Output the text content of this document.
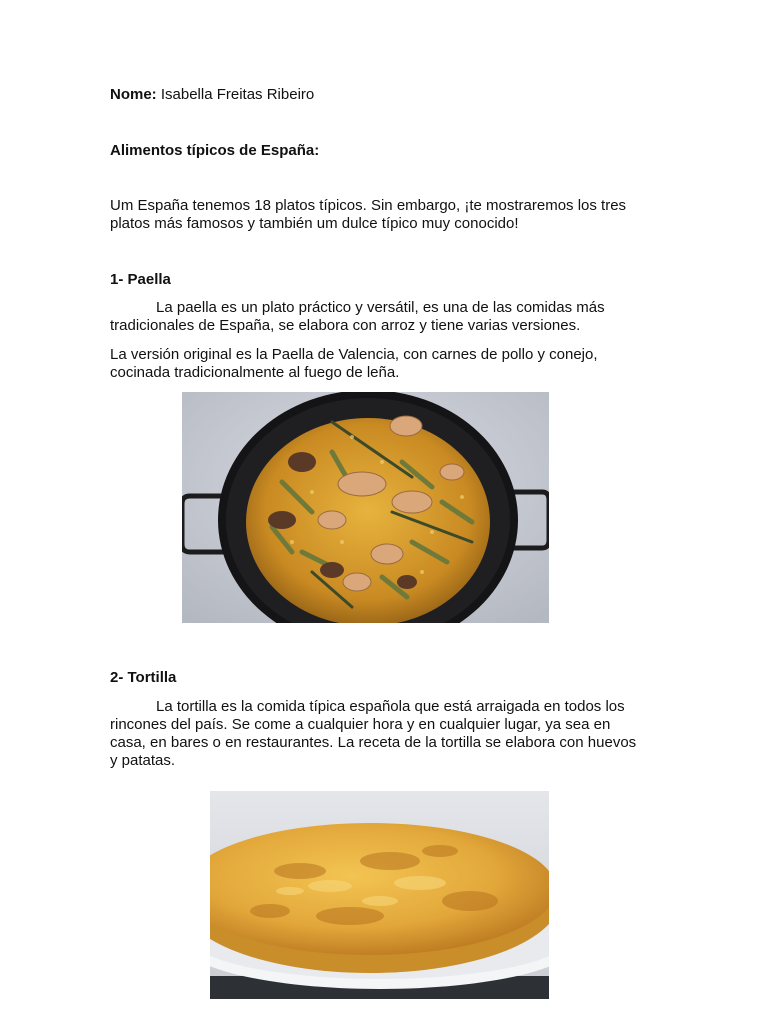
Nome: Isabella Freitas Ribeiro
Alimentos típicos de España:

Um España tenemos 18 platos típicos. Sin embargo, ¡te mostraremos los tres

platos más famosos y también um dulce típico muy conocido!

1- Paella

La paella es un plato práctico y versátil, es una de las comidas más

tradicionales de España, se elabora con arroz y tiene varias versiones.

La versión original es la Paella de Valencia, con carnes de pollo y conejo,

cocinada tradicionalmente al fuego de leña.

2- Tortilla

La tortilla es la comida típica española que está arraigada en todos los

rincones del país. Se come a cualquier hora y en cualquier lugar, ya sea en

casa, en bares o en restaurantes. La receta de la tortilla se elabora con huevos

y patatas.
